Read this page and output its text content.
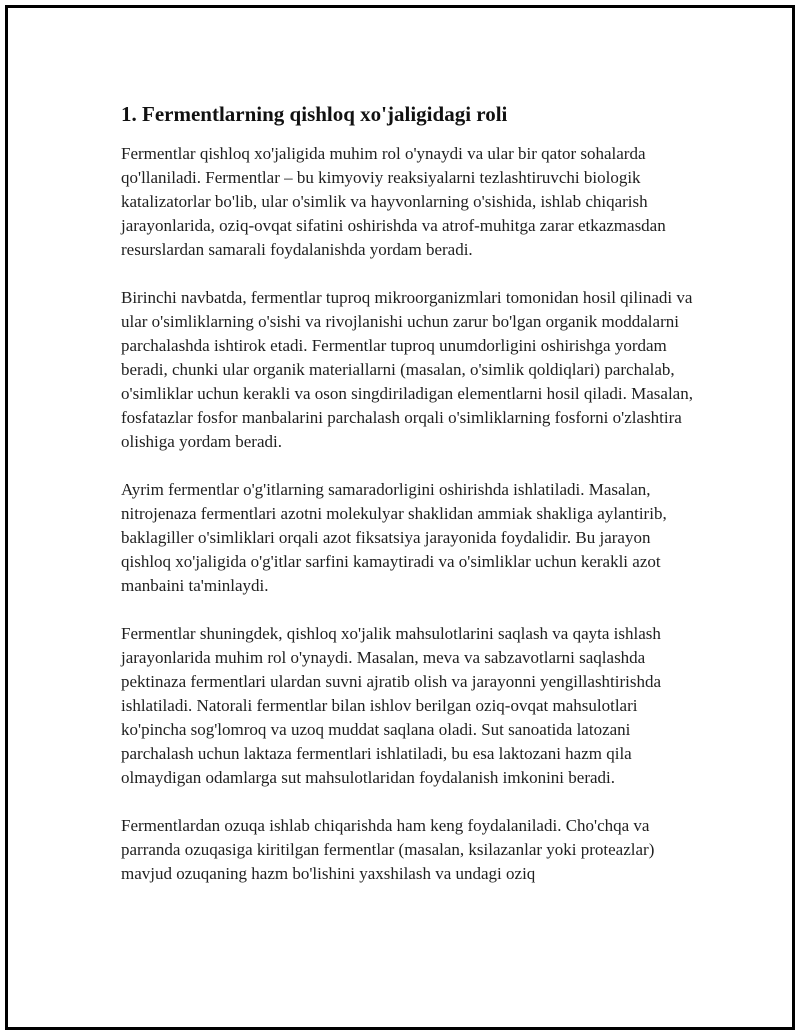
1. Fermentlarning qishloq xo'jaligidagi roli

Fermentlar qishloq xo'jaligida muhim rol o'ynaydi va ular bir qator sohalarda qo'llaniladi. Fermentlar – bu kimyoviy reaksiyalarni tezlashtiruvchi biologik katalizatorlar bo'lib, ular o'simlik va hayvonlarning o'sishida, ishlab chiqarish jarayonlarida, oziq-ovqat sifatini oshirishda va atrof-muhitga zarar etkazmasdan resurslardan samarali foydalanishda yordam beradi.

Birinchi navbatda, fermentlar tuproq mikroorganizmlari tomonidan hosil qilinadi va ular o'simliklarning o'sishi va rivojlanishi uchun zarur bo'lgan organik moddalarni parchalashda ishtirok etadi. Fermentlar tuproq unumdorligini oshirishga yordam beradi, chunki ular organik materiallarni (masalan, o'simlik qoldiqlari) parchalab, o'simliklar uchun kerakli va oson singdiriladigan elementlarni hosil qiladi. Masalan, fosfatazlar fosfor manbalarini parchalash orqali o'simliklarning fosforni o'zlashtira olishiga yordam beradi.

Ayrim fermentlar o'g'itlarning samaradorligini oshirishda ishlatiladi. Masalan, nitrojenaza fermentlari azotni molekulyar shaklidan ammiak shakliga aylantirib, baklagiller o'simliklari orqali azot fiksatsiya jarayonida foydalidir. Bu jarayon qishloq xo'jaligida o'g'itlar sarfini kamaytiradi va o'simliklar uchun kerakli azot manbaini ta'minlaydi.

Fermentlar shuningdek, qishloq xo'jalik mahsulotlarini saqlash va qayta ishlash jarayonlarida muhim rol o'ynaydi. Masalan, meva va sabzavotlarni saqlashda pektinaza fermentlari ulardan suvni ajratib olish va jarayonni yengillashtirishda ishlatiladi. Natorali fermentlar bilan ishlov berilgan oziq-ovqat mahsulotlari ko'pincha sog'lomroq va uzoq muddat saqlana oladi. Sut sanoatida latozani parchalash uchun laktaza fermentlari ishlatiladi, bu esa laktozani hazm qila olmaydigan odamlarga sut mahsulotlaridan foydalanish imkonini beradi.

Fermentlardan ozuqa ishlab chiqarishda ham keng foydalaniladi. Cho'chqa va parranda ozuqasiga kiritilgan fermentlar (masalan, ksilazanlar yoki proteazlar) mavjud ozuqaning hazm bo'lishini yaxshilash va undagi oziq
